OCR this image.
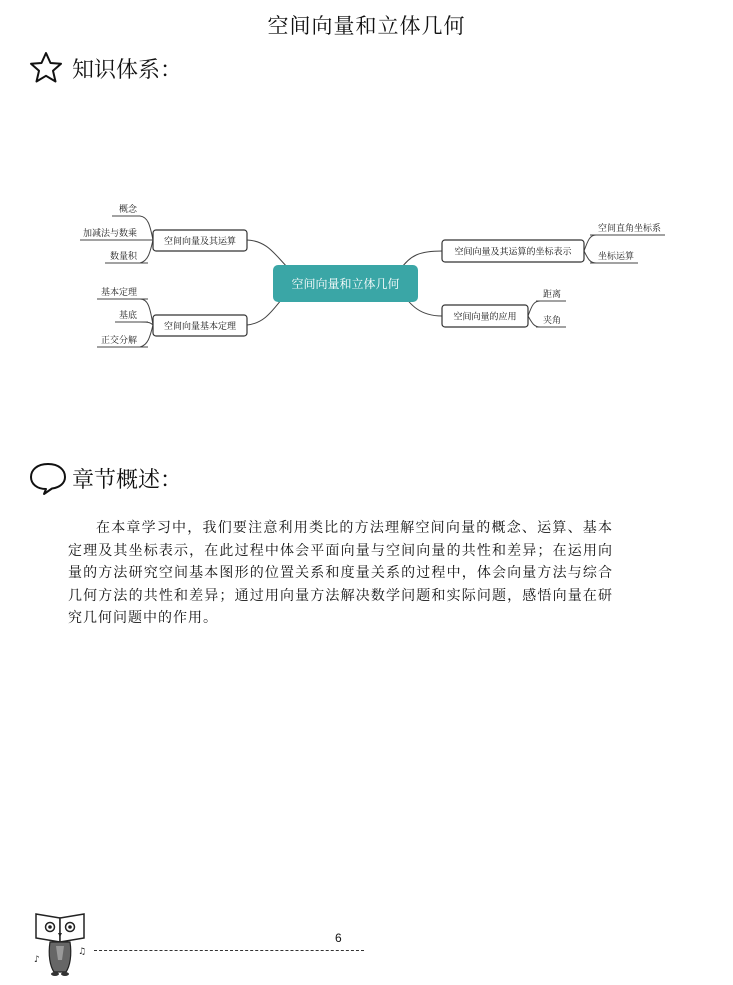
空间向量和立体几何
知识体系：
空间向量和立体几何
空间向量及其运算
空间向量基本定理
空间向量及其运算的坐标表示
空间向量的应用
概念
加减法与数乘
数量积
基本定理
基底
正交分解
空间直角坐标系
坐标运算
距离
夹角
章节概述：
在本章学习中，我们要注意利用类比的方法理解空间向量的概念、运算、基本定理及其坐标表示，在此过程中体会平面向量与空间向量的共性和差异；在运用向量的方法研究空间基本图形的位置关系和度量关系的过程中，体会向量方法与综合几何方法的共性和差异；通过用向量方法解决数学问题和实际问题，感悟向量在研究几何问题中的作用。
♪
♫
6
